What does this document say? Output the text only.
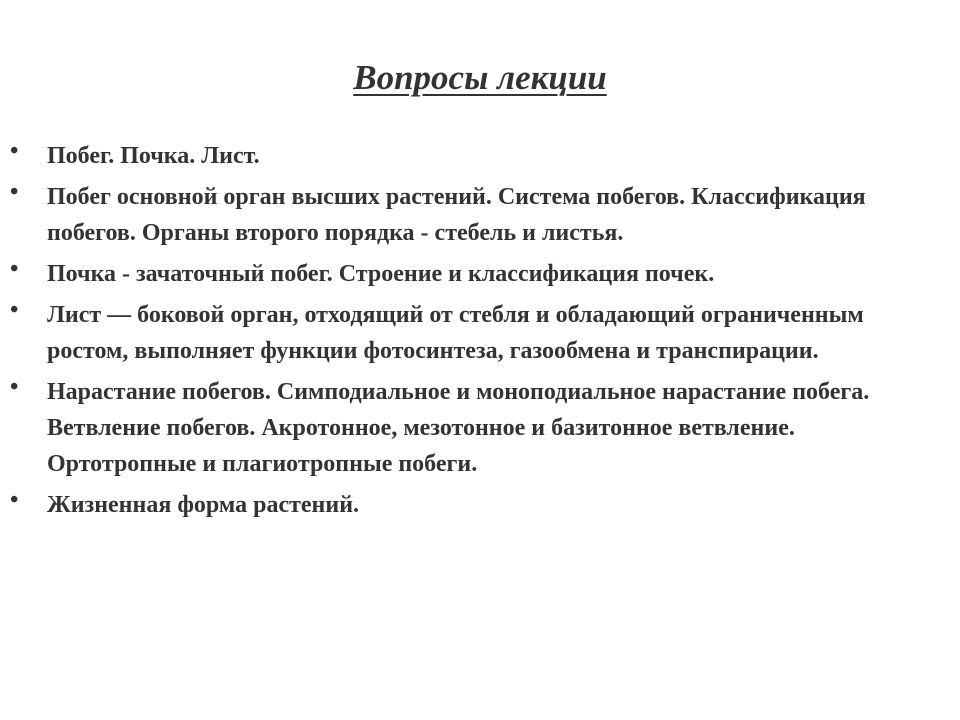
Вопросы лекции
• Побег. Почка. Лист.
• Побег основной орган высших растений. Система побегов. Классификация побегов. Органы второго порядка - стебель и листья.
• Почка - зачаточный побег. Строение и классификация почек.
• Лист — боковой орган, отходящий от стебля и обладающий ограниченным ростом, выполняет функции фотосинтеза, газообмена и транспирации.
• Нарастание побегов. Симподиальное и моноподиальное нарастание побега. Ветвление побегов. Акротонное, мезотонное и базитонное ветвление. Ортотропные и плагиотропные побеги.
• Жизненная форма растений.
